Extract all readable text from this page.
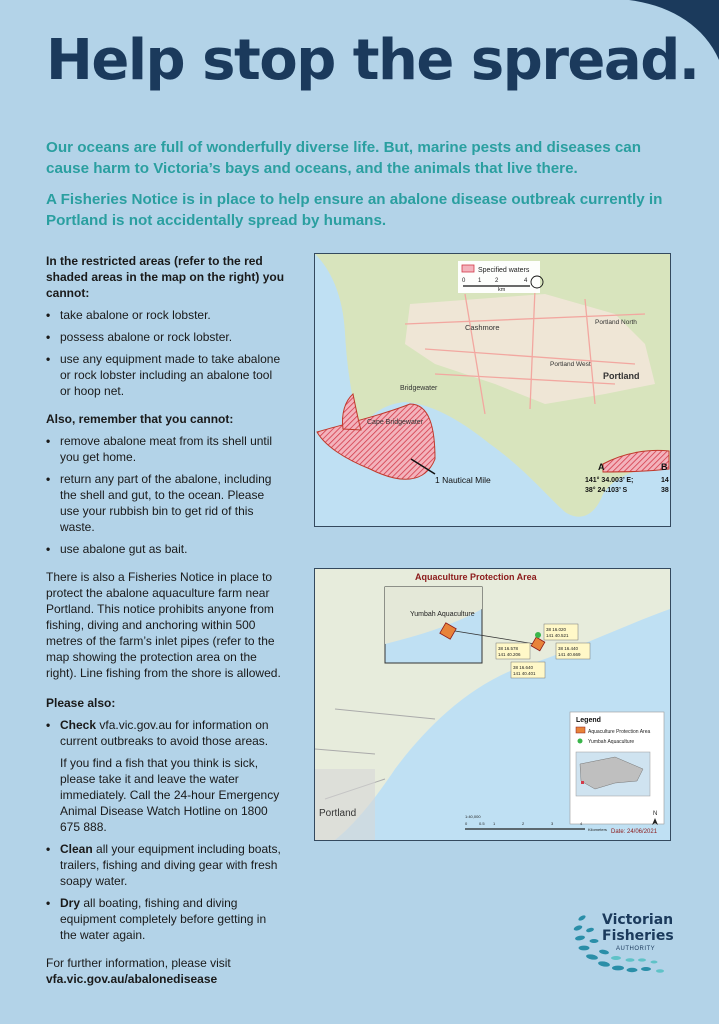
Help stop the spread.

Our oceans are full of wonderfully diverse life. But, marine pests and diseases can cause harm to Victoria’s bays and oceans, and the animals that live there.

A Fisheries Notice is in place to help ensure an abalone disease outbreak currently in Portland is not accidentally spread by humans.

In the restricted areas (refer to the red shaded areas in the map on the right) you cannot:
• take abalone or rock lobster.
• possess abalone or rock lobster.
• use any equipment made to take abalone or rock lobster including an abalone tool or hoop net.
Also, remember that you cannot:
• remove abalone meat from its shell until you get home.
• return any part of the abalone, including the shell and gut, to the ocean. Please use your rubbish bin to get rid of this waste.
• use abalone gut as bait.

There is also a Fisheries Notice in place to protect the abalone aquaculture farm near Portland. This notice prohibits anyone from fishing, diving and anchoring within 500 metres of the farm’s inlet pipes (refer to the map showing the protection area on the right). Line fishing from the shore is allowed.

Please also:
• Check vfa.vic.gov.au for information on current outbreaks to avoid those areas.

If you find a fish that you think is sick, please take it and leave the water immediately. Call the 24-hour Emergency Animal Disease Watch Hotline on 1800 675 888.

• Clean all your equipment including boats, trailers, fishing and diving gear with fresh soapy water.
• Dry all boating, fishing and diving equipment completely before getting in the water again.

For further information, please visit

vfa.vic.gov.au/abalonedisease

1 Nautical Mile
Specified waters
0 1 2	4
km
Cashmore
Portland
Portland North
Portland West
Bridgewater
Cape Bridgewater
A
141° 34.003’ E;
38° 24.103’ S
B
14
38
Aquaculture Protection Area
Yumbah Aquaculture
38 16.020
141 40.521
38 16.578
141 40.206
38 16.440
141 40.669
38 16.640
141 40.401
Legend
Aquaculture Protection Area
Yumbah Aquaculture
Portland	1:40,000
0	0.5 1	2	3	4
Kilometers Date: 24/06/2021
N
Victorian
Fisheries
AUTHORITY
